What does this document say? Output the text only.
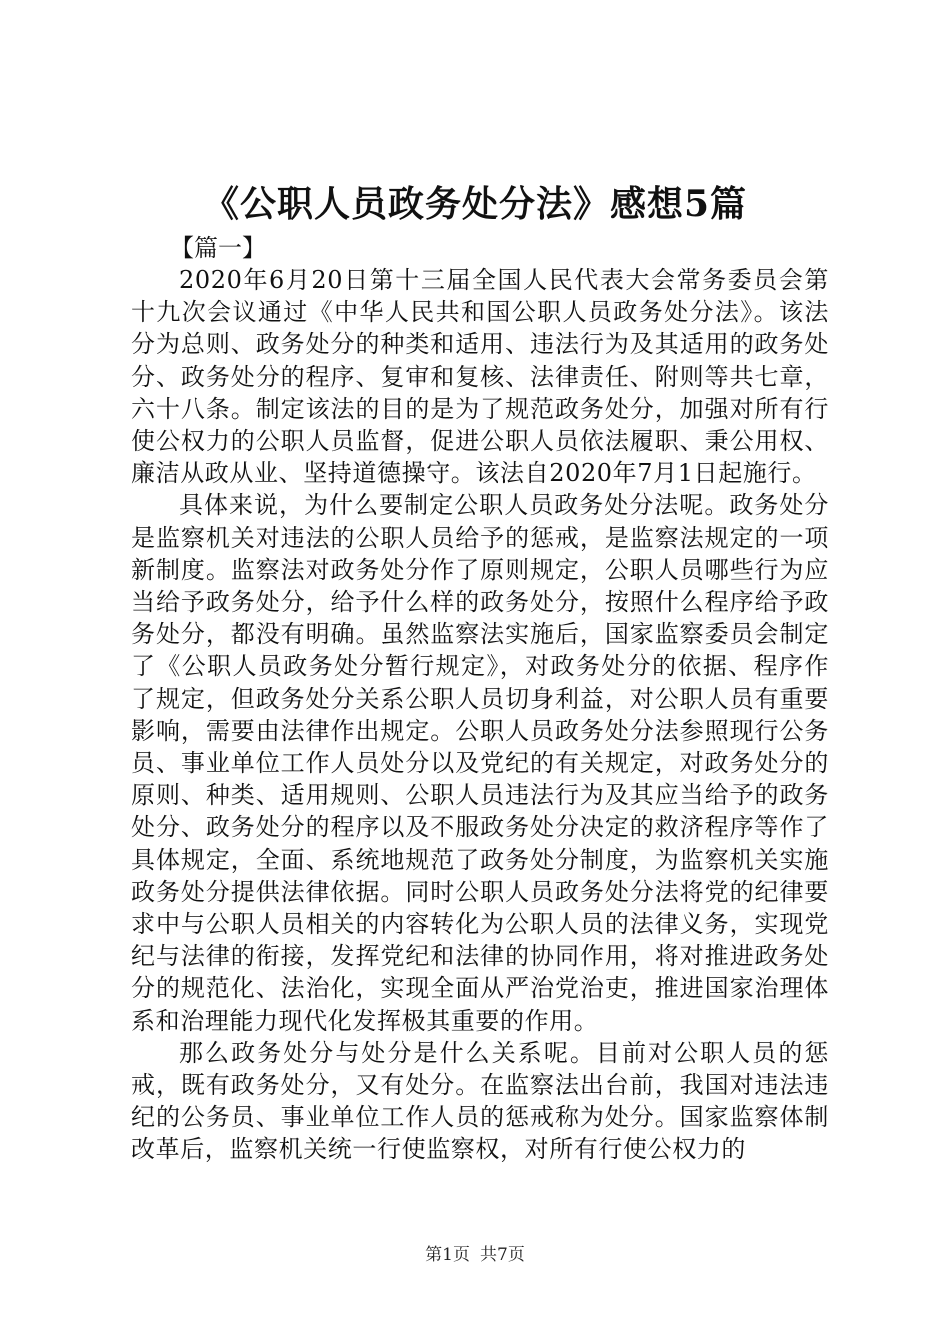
《公职人员政务处分法》感想5篇
【篇一】

2020年6月20日第十三届全国人民代表大会常务委员会第十九次会议通过《中华人民共和国公职人员政务处分法》。该法分为总则、政务处分的种类和适用、违法行为及其适用的政务处分、政务处分的程序、复审和复核、法律责任、附则等共七章，六十八条。制定该法的目的是为了规范政务处分，加强对所有行使公权力的公职人员监督，促进公职人员依法履职、秉公用权、廉洁从政从业、坚持道德操守。该法自2020年7月1日起施行。

具体来说，为什么要制定公职人员政务处分法呢。政务处分是监察机关对违法的公职人员给予的惩戒，是监察法规定的一项新制度。监察法对政务处分作了原则规定，公职人员哪些行为应当给予政务处分，给予什么样的政务处分，按照什么程序给予政务处分，都没有明确。虽然监察法实施后，国家监察委员会制定了《公职人员政务处分暂行规定》，对政务处分的依据、程序作了规定，但政务处分关系公职人员切身利益，对公职人员有重要影响，需要由法律作出规定。公职人员政务处分法参照现行公务员、事业单位工作人员处分以及党纪的有关规定，对政务处分的原则、种类、适用规则、公职人员违法行为及其应当给予的政务处分、政务处分的程序以及不服政务处分决定的救济程序等作了具体规定，全面、系统地规范了政务处分制度，为监察机关实施政务处分提供法律依据。同时公职人员政务处分法将党的纪律要求中与公职人员相关的内容转化为公职人员的法律义务，实现党纪与法律的衔接，发挥党纪和法律的协同作用，将对推进政务处分的规范化、法治化，实现全面从严治党治吏，推进国家治理体系和治理能力现代化发挥极其重要的作用。

那么政务处分与处分是什么关系呢。目前对公职人员的惩戒，既有政务处分，又有处分。在监察法出台前，我国对违法违纪的公务员、事业单位工作人员的惩戒称为处分。国家监察体制改革后，监察机关统一行使监察权，对所有行使公权力的

第1页 共7页
